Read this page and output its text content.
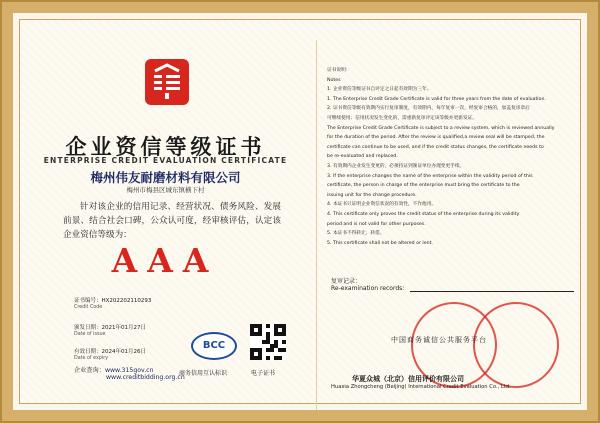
企业资信等级证书
ENTERPRISE CREDIT EVALUATION CERTIFICATE
梅州伟友耐磨材料有限公司
梅州市梅县区城东镇横下村
针对该企业的信用记录、经营状况、债务风险、发展前景、结合社会口碑，公众认可度，经审核评估，认定该企业资信等级为：
AAA
证书编号：HX202202110293
Credit Code
颁发日期：2021年01月27日
Date of issue
有效日期：2024年01月26日
Date of expiry
企业查询：www.315gov.cn
www.creditbidding.org.cn
BCC
商务信用互认标识	电子证书

证书说明：

Notes

1. 企业资信等级证书自评定之日起有效期为三年。

1. The Enterprise Credit Grade Certificate is valid for three years from the date of evaluation.

2. 证书资信等级有效期内实行复审制度，有效期内，每年复审一次，经复审合格的，加盖复审章后

可继续使用；信用状况发生变化的，需重新复审评定该等级并更新发证。

The Enterprise Credit Grade Certificate is subject to a review system, which is reviewed annually

for the duration of the period. After the review is qualified,a review seal will be stamped, the

certificate can continue to be used, and if the credit status changes, the certificate needs to

be re-evaluated and replaced.

3. 有效期内企业发生变更的，必须持证到颁证单位办理变更手续。

3. If the enterprise changes the name of the enterprise within the validity period of this

certificate, the person in charge of the enterprise must bring the certificate to the

issuing unit for the change procedure.

4. 本证书只证明企业资信状况的有效性，不作他用。

4. This certificate only proves the credit status of the enterprise during its validity

period and is not valid for other purposes.

5. 本证书不得转让，转借。

5. This certificate shall not be altered or lent.

复审记录：
Re-examination records:
中国商务诚信公共服务平台
华夏众城（北京）信用评价有限公司
Huaxia Zhongcheng (Beijing) International Credit Evaluation Co., Ltd.
